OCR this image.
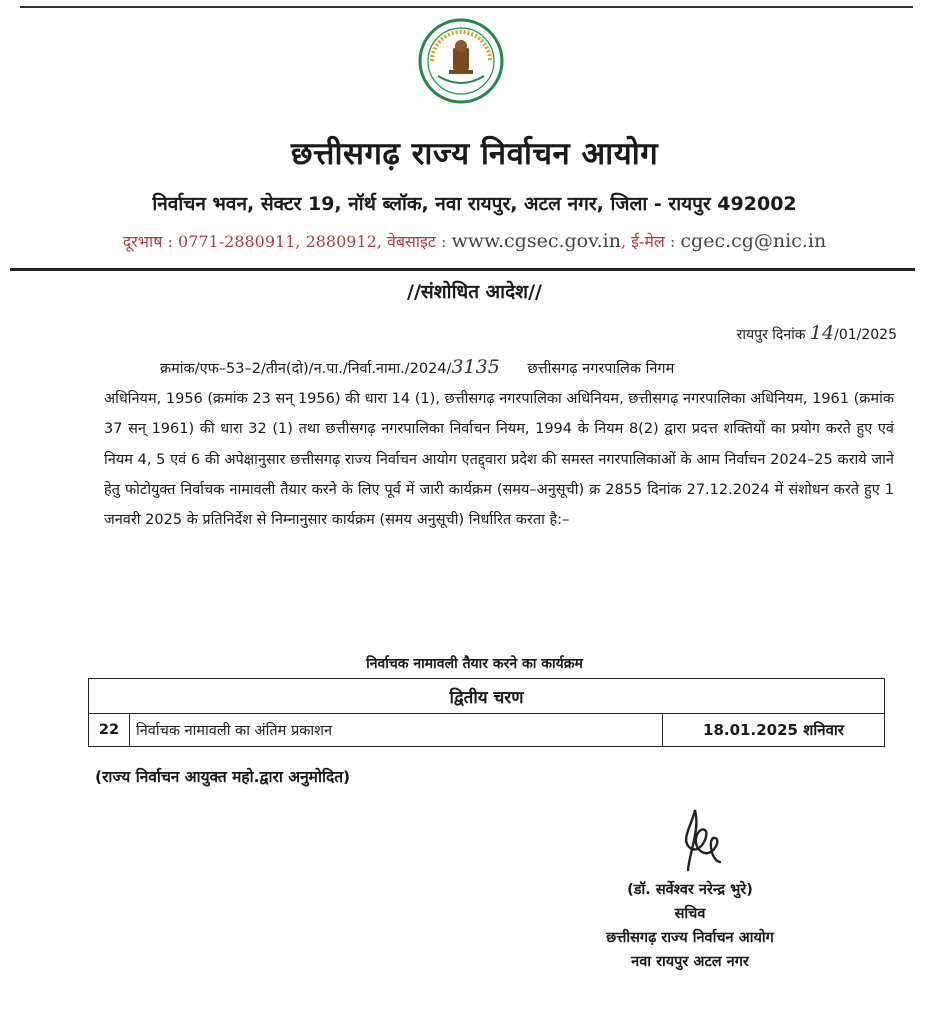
छत्तीसगढ़ राज्य निर्वाचन आयोग
निर्वाचन भवन, सेक्टर 19, नॉर्थ ब्लॉक, नवा रायपुर, अटल नगर, जिला - रायपुर 492002
दूरभाष : 0771-2880911, 2880912, वेबसाइट : www.cgsec.gov.in, ई-मेल : cgec.cg@nic.in
//संशोधित आदेश//
रायपुर दिनांक 14/01/2025
क्रमांक/एफ–53–2/तीन(दो)/न.पा./निर्वा.नामा./2024/3135 छत्तीसगढ़ नगरपालिक निगम
अधिनियम, 1956 (क्रमांक 23 सन् 1956) की धारा 14 (1), छत्तीसगढ़ नगरपालिका अधिनियम, छत्तीसगढ़ नगरपालिका अधिनियम, 1961 (क्रमांक 37 सन् 1961) की धारा 32 (1) तथा छत्तीसगढ़ नगरपालिका निर्वाचन नियम, 1994 के नियम 8(2) द्वारा प्रदत्त शक्तियों का प्रयोग करते हुए एवं नियम 4, 5 एवं 6 की अपेक्षानुसार छत्तीसगढ़ राज्य निर्वाचन आयोग एतद्द्वारा प्रदेश की समस्त नगरपालिकाओं के आम निर्वाचन 2024–25 कराये जाने हेतु फोटोयुक्त निर्वाचक नामावली तैयार करने के लिए पूर्व में जारी कार्यक्रम (समय–अनुसूची) क्र 2855 दिनांक 27.12.2024 में संशोधन करते हुए 1 जनवरी 2025 के प्रतिनिर्देश से निम्नानुसार कार्यक्रम (समय अनुसूची) निर्धारित करता है:–
निर्वाचक नामावली तैयार करने का कार्यक्रम
द्वितीय चरण
22	निर्वाचक नामावली का अंतिम प्रकाशन	18.01.2025 शनिवार
(राज्य निर्वाचन आयुक्त महो.द्वारा अनुमोदित)
(डॉ. सर्वेश्वर नरेन्द्र भुरे)
सचिव
छत्तीसगढ़ राज्य निर्वाचन आयोग
नवा रायपुर अटल नगर
